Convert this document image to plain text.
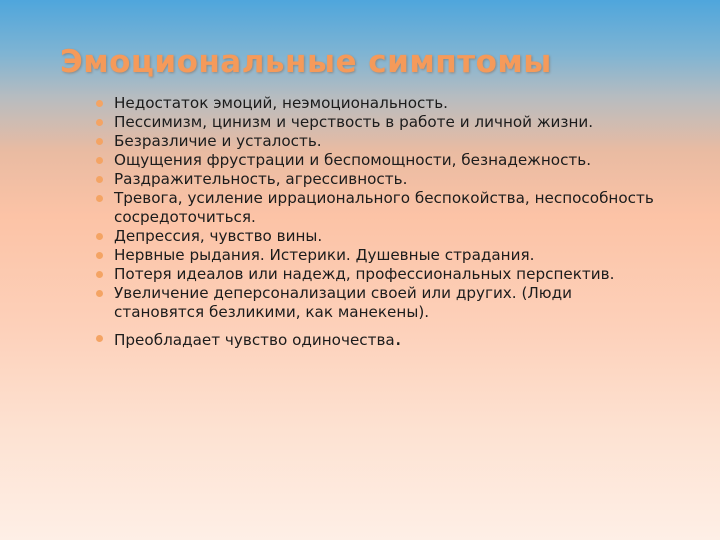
Эмоциональные симптомы
Недостаток эмоций, неэмоциональность.
Пессимизм, цинизм и черствость в работе и личной жизни.
Безразличие и усталость.
Ощущения фрустрации и беспомощности, безнадежность.
Раздражительность, агрессивность.
Тревога, усиление иррационального беспокойства, неспособность сосредоточиться.
Депрессия, чувство вины.
Нервные рыдания. Истерики. Душевные страдания.
Потеря идеалов или надежд, профессиональных перспектив.
Увеличение деперсонализации своей или других. (Люди становятся безликими, как манекены).
Преобладает чувство одиночества.
